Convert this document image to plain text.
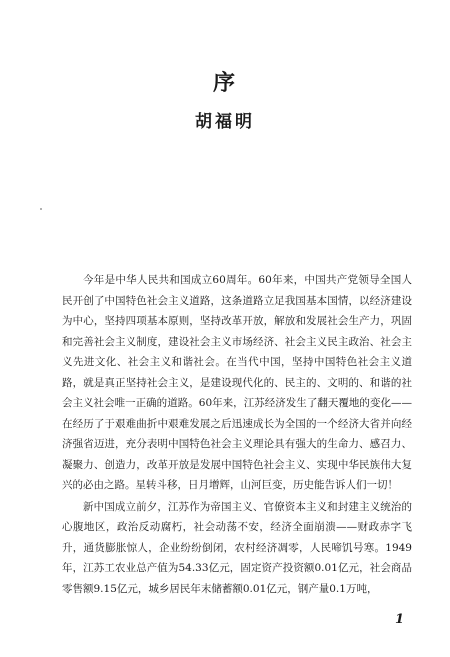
序
胡福明

今年是中华人民共和国成立60周年。60年来，中国共产党领导全国人民开创了中国特色社会主义道路，这条道路立足我国基本国情，以经济建设为中心，坚持四项基本原则，坚持改革开放，解放和发展社会生产力，巩固和完善社会主义制度，建设社会主义市场经济、社会主义民主政治、社会主义先进文化、社会主义和谐社会。在当代中国，坚持中国特色社会主义道路，就是真正坚持社会主义，是建设现代化的、民主的、文明的、和谐的社会主义社会唯一正确的道路。60年来，江苏经济发生了翻天覆地的变化——在经历了于艰难曲折中艰难发展之后迅速成长为全国的一个经济大省并向经济强省迈进，充分表明中国特色社会主义理论具有强大的生命力、感召力、凝聚力、创造力，改革开放是发展中国特色社会主义、实现中华民族伟大复兴的必由之路。星转斗移，日月增辉，山河巨变，历史能告诉人们一切！

新中国成立前夕，江苏作为帝国主义、官僚资本主义和封建主义统治的心腹地区，政治反动腐朽，社会动荡不安，经济全面崩溃——财政赤字飞升，通货膨胀惊人，企业纷纷倒闭，农村经济凋零，人民啼饥号寒。1949年，江苏工农业总产值为54.33亿元，固定资产投资额0.01亿元，社会商品零售额9.15亿元，城乡居民年末储蓄额0.01亿元，钢产量0.1万吨，

1
